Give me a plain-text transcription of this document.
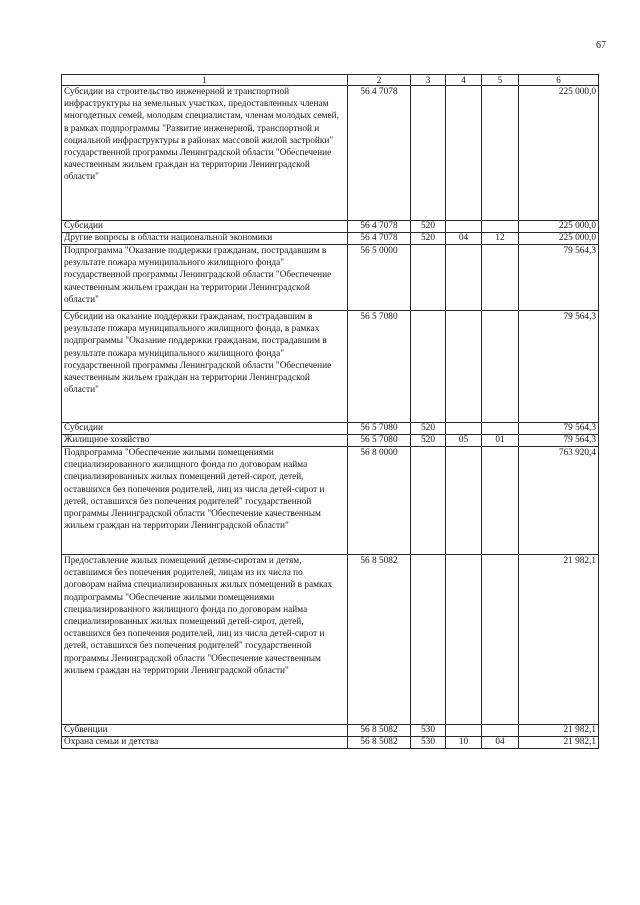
67
1	2	3	4	5	6
Субсидии на строительство инженерной и транспортной инфраструктуры на земельных участках, предоставленных членам многодетных семей, молодым специалистам, членам молодых семей, в рамках подпрограммы "Развитие инженерной, транспортной и социальной инфраструктуры в районах массовой жилой застройки" государственной программы Ленинградской области "Обеспечение качественным жильем граждан на территории Ленинградской области"	56 4 7078				225 000,0
Субсидии	56 4 7078	520			225 000,0
Другие вопросы в области национальной экономики	56 4 7078	520	04	12	225 000,0
Подпрограмма "Оказание поддержки гражданам, пострадавшим в результате пожара муниципального жилищного фонда" государственной программы Ленинградской области "Обеспечение качественным жильем граждан на территории Ленинградской области"	56 5 0000				79 564,3
Субсидии на оказание поддержки гражданам, пострадавшим в результате пожара муниципального жилищного фонда, в рамках подпрограммы "Оказание поддержки гражданам, пострадавшим в результате пожара муниципального жилищного фонда" государственной программы Ленинградской области "Обеспечение качественным жильем граждан на территории Ленинградской области"	56 5 7080				79 564,3
Субсидии	56 5 7080	520			79 564,3
Жилищное хозяйство	56 5 7080	520	05	01	79 564,3
Подпрограмма "Обеспечение жилыми помещениями специализированного жилищного фонда по договорам найма специализированных жилых помещений детей-сирот, детей, оставшихся без попечения родителей, лиц из числа детей-сирот и детей, оставшихся без попечения родителей" государственной программы Ленинградской области "Обеспечение качественным жильем граждан на территории Ленинградской области"	56 8 0000				763 920,4
Предоставление жилых помещений детям-сиротам и детям, оставшимся без попечения родителей, лицам из их числа по договорам найма специализированных жилых помещений в рамках подпрограммы "Обеспечение жилыми помещениями специализированного жилищного фонда по договорам найма специализированных жилых помещений детей-сирот, детей, оставшихся без попечения родителей, лиц из числа детей-сирот и детей, оставшихся без попечения родителей" государственной программы Ленинградской области "Обеспечение качественным жильем граждан на территории Ленинградской области"	56 8 5082				21 982,1
Субвенции	56 8 5082	530			21 982,1
Охрана семьи и детства	56 8 5082	530	10	04	21 982,1
